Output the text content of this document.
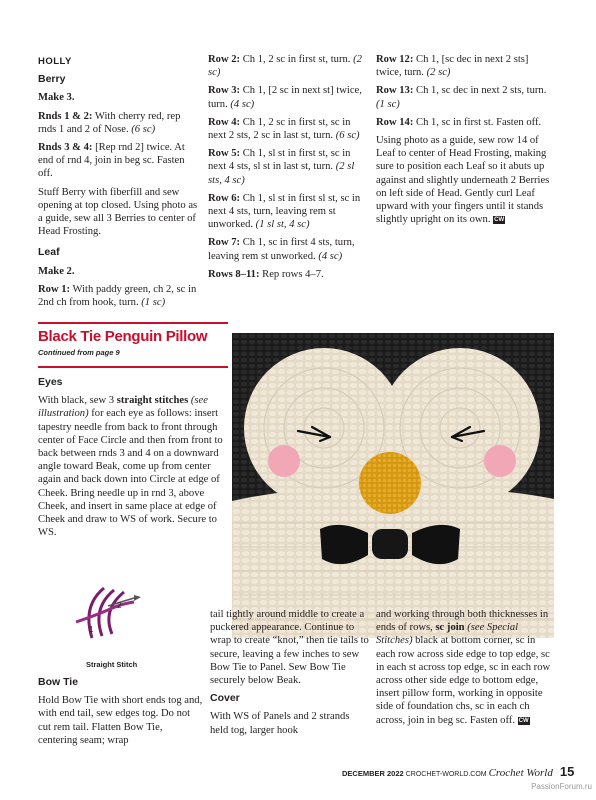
HOLLY

Berry

Make 3.

Rnds 1 & 2: With cherry red, rep rnds 1 and 2 of Nose. (6 sc)

Rnds 3 & 4: [Rep rnd 2] twice. At end of rnd 4, join in beg sc. Fasten off.

Stuff Berry with fiberfill and sew opening at top closed. Using photo as a guide, sew all 3 Berries to center of Head Frosting.

Leaf

Make 2.

Row 1: With paddy green, ch 2, sc in 2nd ch from hook, turn. (1 sc)

Row 2: Ch 1, 2 sc in first st, turn. (2 sc)

Row 3: Ch 1, [2 sc in next st] twice, turn. (4 sc)

Row 4: Ch 1, 2 sc in first st, sc in next 2 sts, 2 sc in last st, turn. (6 sc)

Row 5: Ch 1, sl st in first st, sc in next 4 sts, sl st in last st, turn. (2 sl sts, 4 sc)

Row 6: Ch 1, sl st in first sl st, sc in next 4 sts, turn, leaving rem st unworked. (1 sl st, 4 sc)

Row 7: Ch 1, sc in first 4 sts, turn, leaving rem st unworked. (4 sc)

Rows 8–11: Rep rows 4–7.

Row 12: Ch 1, [sc dec in next 2 sts] twice, turn. (2 sc)

Row 13: Ch 1, sc dec in next 2 sts, turn. (1 sc)

Row 14: Ch 1, sc in first st. Fasten off.

Using photo as a guide, sew row 14 of Leaf to center of Head Frosting, making sure to position each Leaf so it abuts up against and slightly underneath 2 Berries on left side of Head. Gently curl Leaf upward with your fingers until it stands slightly upright on its own. CW

Black Tie Penguin Pillow
Continued from page 9

Eyes

With black, sew 3 straight stitches (see illustration) for each eye as follows: insert tapestry needle from back to front through center of Face Circle and then from front to back between rnds 3 and 4 on a downward angle toward Beak, come up from center again and back down into Circle at edge of Cheek. Bring needle up in rnd 3, above Cheek, and insert in same place at edge of Cheek and draw to WS of work. Secure to WS.

2
1
Straight Stitch

Bow Tie

Hold Bow Tie with short ends tog and, with end tail, sew edges tog. Do not cut rem tail. Flatten Bow Tie, centering seam; wrap

tail tightly around middle to create a puckered appearance. Continue to wrap to create “knot,” then tie tails to secure, leaving a few inches to sew Bow Tie to Panel. Sew Bow Tie securely below Beak.

Cover

With WS of Panels and 2 strands held tog, larger hook

and working through both thicknesses in ends of rows, sc join (see Special Stitches) black at bottom corner, sc in each row across side edge to top edge, sc in each st across top edge, sc in each row across other side edge to bottom edge, insert pillow form, working in opposite side of foundation chs, sc in each ch across, join in beg sc. Fasten off. CW

DECEMBER 2022 CROCHET-WORLD.COM Crochet World 15
PassionForum.ru
